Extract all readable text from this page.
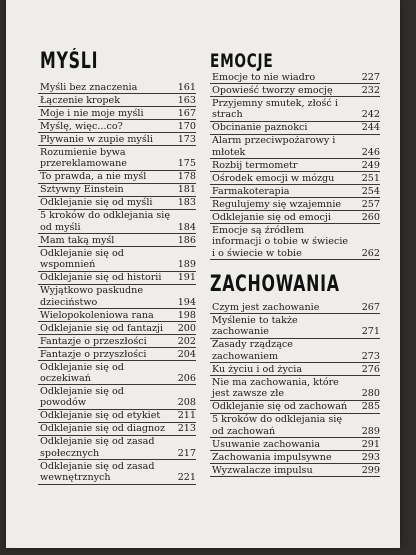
MYŚLI
Myśli bez znaczenia	161
Łączenie kropek	163
Moje i nie moje myśli	167
Myślę, więc...co?	170
Pływanie w zupie myśli	173
Rozumienie bywa przereklamowane	175
To prawda, a nie myśl	178
Sztywny Einstein	181
Odklejanie się od myśli	183
5 kroków do odklejania się od myśli	184
Mam taką myśl	186
Odklejanie się od wspomnień	189
Odklejanie się od historii	191
Wyjątkowo paskudne dzieciństwo	194
Wielopokoleniowa rana	198
Odklejanie się od fantazji	200
Fantazje o przeszłości	202
Fantazje o przyszłości	204
Odklejanie się od oczekiwań	206
Odklejanie się od powodów	208
Odklejanie się od etykiet	211
Odklejanie się od diagnoz	213
Odklejanie się od zasad społecznych	217
Odklejanie się od zasad wewnętrznych	221
EMOCJE
Emocje to nie wiadro	227
Opowieść tworzy emocję	232
Przyjemny smutek, złość i strach	242
Obcinanie paznokci	244
Alarm przeciwpożarowy i młotek	246
Rozbij termometr	249
Ośrodek emocji w mózgu	251
Farmakoterapia	254
Regulujemy się wzajemnie	257
Odklejanie się od emocji	260
Emocje są źródłem informacji o tobie w świecie i o świecie w tobie	262
ZACHOWANIA
Czym jest zachowanie	267
Myślenie to także zachowanie	271
Zasady rządzące zachowaniem	273
Ku życiu i od życia	276
Nie ma zachowania, które jest zawsze złe	280
Odklejanie się od zachowań	285
5 kroków do odklejania się od zachowań	289
Usuwanie zachowania	291
Zachowania impulsywne	293
Wyzwalacze impulsu	299
